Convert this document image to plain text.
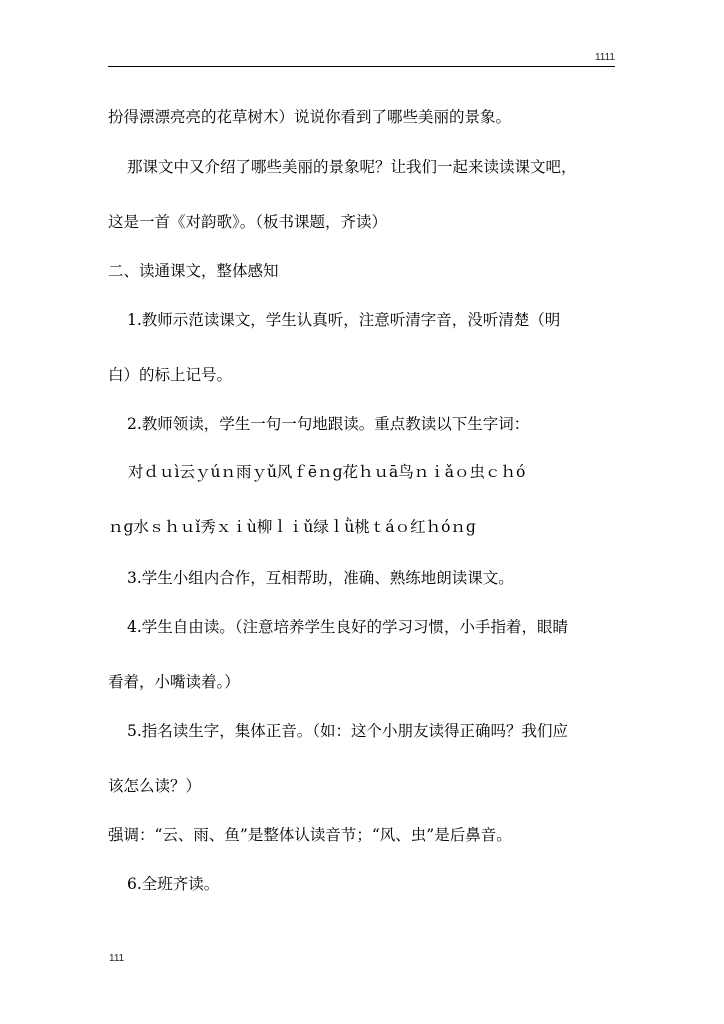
1111
扮得漂漂亮亮的花草树木）说说你看到了哪些美丽的景象。
那课文中又介绍了哪些美丽的景象呢？让我们一起来读读课文吧，
这是一首《对韵歌》。（板书课题，齐读）
二、读通课文，整体感知
1.教师示范读课文，学生认真听，注意听清字音，没听清楚（明
白）的标上记号。
2.教师领读，学生一句一句地跟读。重点教读以下生字词：
对ｄｕì云ｙúｎ雨ｙǔ风ｆēｎɡ花ｈｕā鸟ｎｉǎｏ虫ｃｈó
ｎɡ水ｓｈｕǐ秀ｘｉù柳ｌｉǔ绿ｌǜ桃ｔáｏ红ｈóｎɡ
3.学生小组内合作，互相帮助，准确、熟练地朗读课文。
4.学生自由读。（注意培养学生良好的学习习惯，小手指着，眼睛
看着，小嘴读着。）
5.指名读生字，集体正音。（如：这个小朋友读得正确吗？我们应
该怎么读？）
强调：“云、雨、鱼”是整体认读音节；“风、虫”是后鼻音。
6.全班齐读。
111
